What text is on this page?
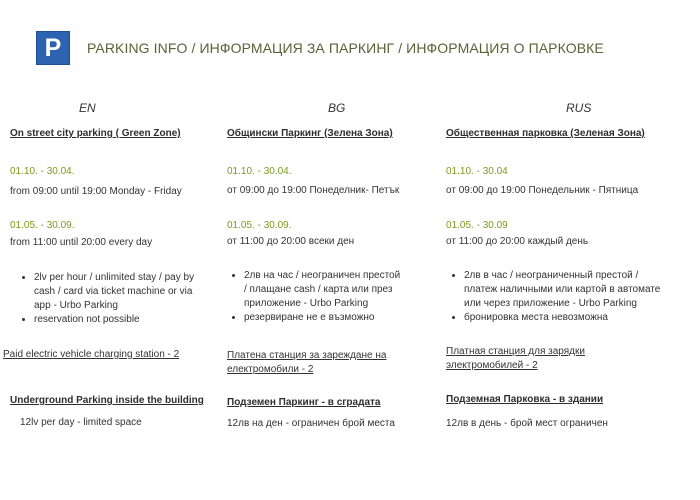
P PARKING INFO / ИНФОРМАЦИЯ ЗА ПАРКИНГ / ИНФОРМАЦИЯ О ПАРКОВКЕ
EN	BG	RUS
On street city parking ( Green Zone)
01.10. - 30.04.
from 09:00 until 19:00 Monday - Friday
01.05. - 30.09.
from 11:00 until 20:00 every day
• 2lv per hour / unlimited stay / pay by
cash / card via ticket machine or via
app - Urbo Parking
• reservation not possible
Paid electric vehicle charging station - 2
Underground Parking inside the building
12lv per day - limited space
Общински Паркинг (Зелена Зона)
01.10. - 30.04.
от 09:00 до 19:00 Понеделник- Петък
01.05. - 30.09.
от 11:00 до 20:00 всеки ден
• 2лв на час / неограничен престой
/ плащане cash / карта или през
приложение - Urbo Parking
• резервиране не е възможно
Платена станция за зареждане на
електромобили - 2
Подземен Паркинг - в сградата
12лв на ден - ограничен брой места
Общественная парковка (Зеленая Зона)
01.10. - 30.04
от 09:00 до 19:00 Понедельник - Пятница
01.05. - 30.09
от 11:00 до 20:00 каждый день
• 2лв в час / неограниченный престой /
платеж наличными или картой в автомате
или через приложение - Urbo Parking
• бронировка места невозможна
Платная станция для зарядки
электромобилей - 2
Подземная Парковка - в здании
12лв в день - брой мест ограничен
